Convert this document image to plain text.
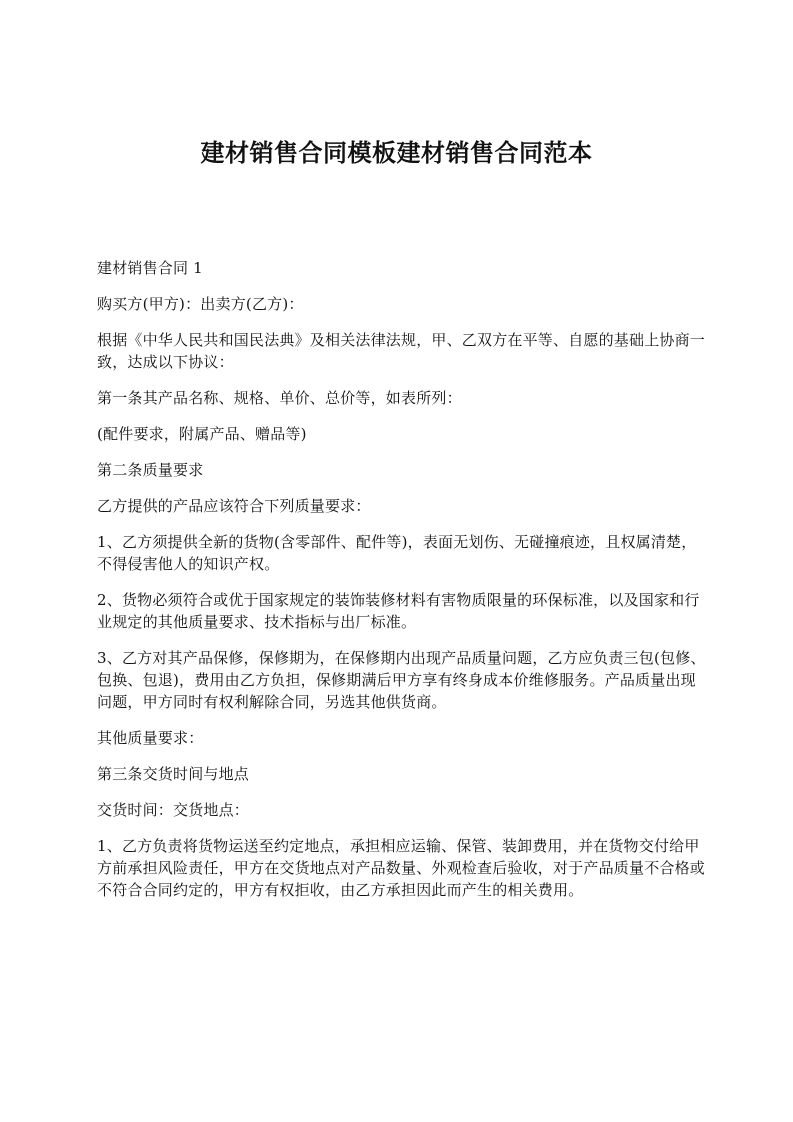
建材销售合同模板建材销售合同范本

建材销售合同 1

购买方(甲方)：出卖方(乙方)：

根据《中华人民共和国民法典》及相关法律法规，甲、乙双方在平等、自愿的基础上协商一致，达成以下协议：

第一条其产品名称、规格、单价、总价等，如表所列：

(配件要求，附属产品、赠品等)

第二条质量要求

乙方提供的产品应该符合下列质量要求：

1、乙方须提供全新的货物(含零部件、配件等)，表面无划伤、无碰撞痕迹，且权属清楚，不得侵害他人的知识产权。

2、货物必须符合或优于国家规定的装饰装修材料有害物质限量的环保标准，以及国家和行业规定的其他质量要求、技术指标与出厂标准。

3、乙方对其产品保修，保修期为，在保修期内出现产品质量问题，乙方应负责三包(包修、包换、包退)，费用由乙方负担，保修期满后甲方享有终身成本价维修服务。产品质量出现问题，甲方同时有权利解除合同，另选其他供货商。

其他质量要求：

第三条交货时间与地点

交货时间：交货地点：

1、乙方负责将货物运送至约定地点，承担相应运输、保管、装卸费用，并在货物交付给甲方前承担风险责任，甲方在交货地点对产品数量、外观检查后验收，对于产品质量不合格或不符合合同约定的，甲方有权拒收，由乙方承担因此而产生的相关费用。
